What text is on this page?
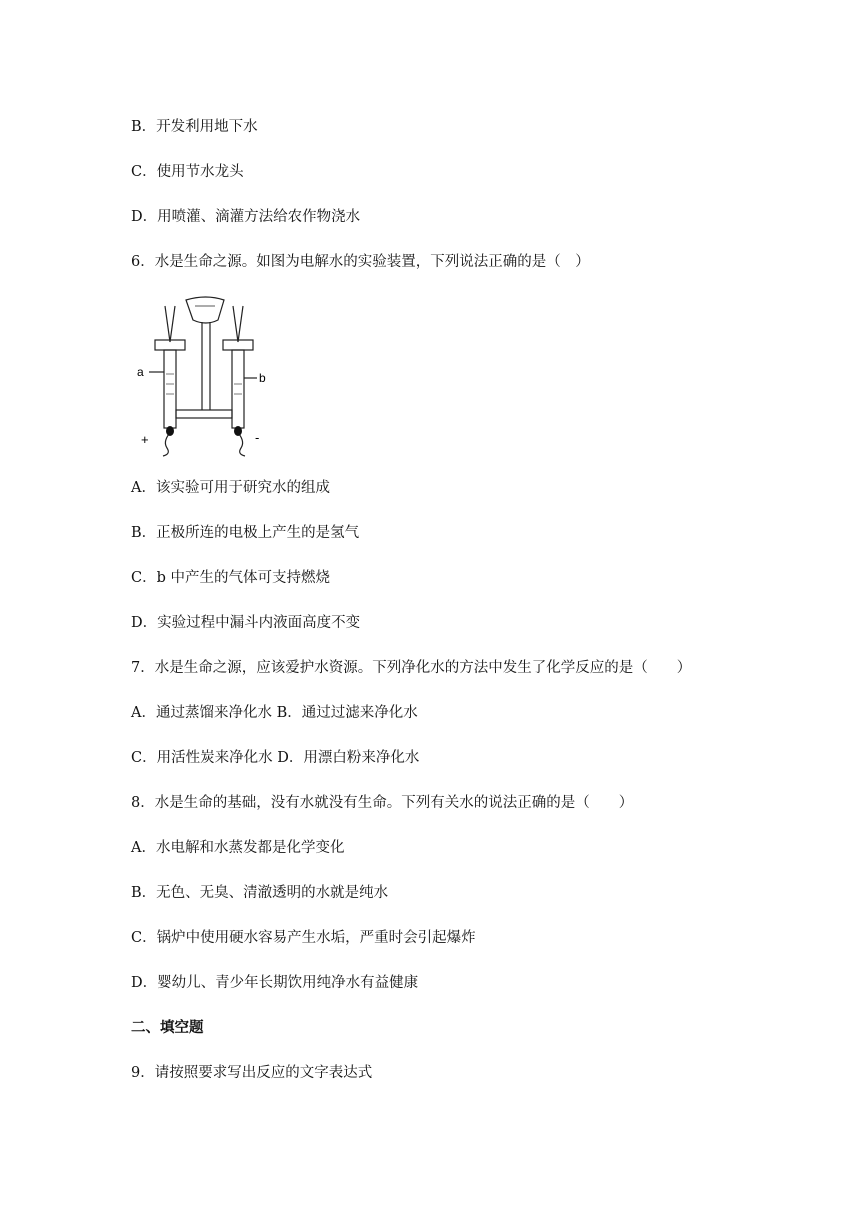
B．开发利用地下水
C．使用节水龙头
D．用喷灌、滴灌方法给农作物浇水
6．水是生命之源。如图为电解水的实验装置，下列说法正确的是（　）
a	b
+	-
A．该实验可用于研究水的组成
B．正极所连的电极上产生的是氢气
C．b 中产生的气体可支持燃烧
D．实验过程中漏斗内液面高度不变
7．水是生命之源，应该爱护水资源。下列净化水的方法中发生了化学反应的是（　　）
A．通过蒸馏来净化水 B．通过过滤来净化水
C．用活性炭来净化水 D．用漂白粉来净化水
8．水是生命的基础，没有水就没有生命。下列有关水的说法正确的是（　　）
A．水电解和水蒸发都是化学变化
B．无色、无臭、清澈透明的水就是纯水
C．锅炉中使用硬水容易产生水垢，严重时会引起爆炸
D．婴幼儿、青少年长期饮用纯净水有益健康
二、填空题
9．请按照要求写出反应的文字表达式
